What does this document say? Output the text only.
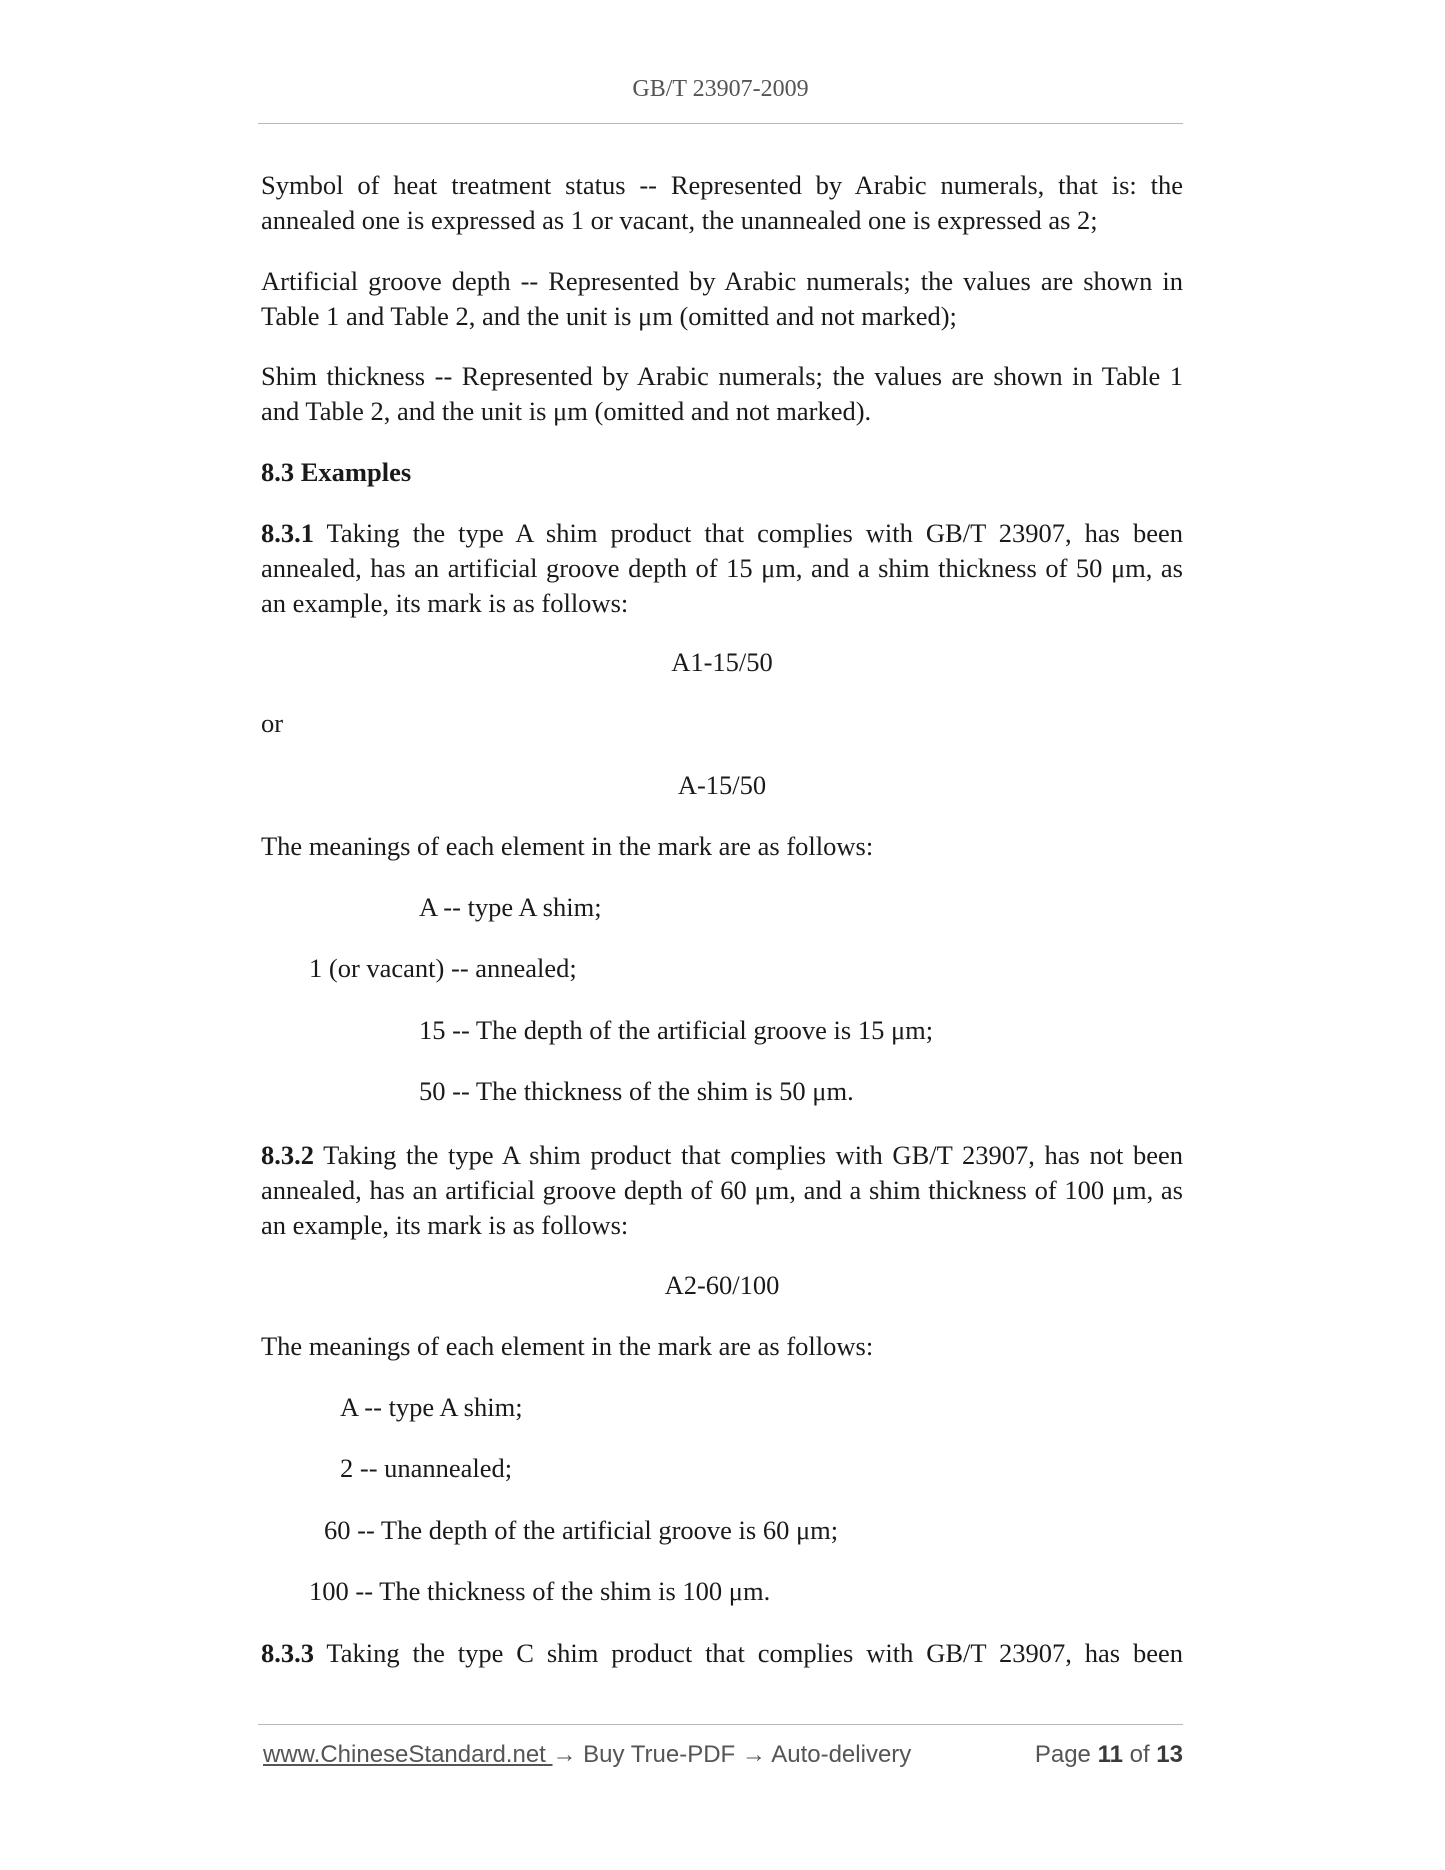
GB/T 23907-2009

Symbol of heat treatment status -- Represented by Arabic numerals, that is: the annealed one is expressed as 1 or vacant, the unannealed one is expressed as 2;

Artificial groove depth -- Represented by Arabic numerals; the values are shown in Table 1 and Table 2, and the unit is μm (omitted and not marked);

Shim thickness -- Represented by Arabic numerals; the values are shown in Table 1 and Table 2, and the unit is μm (omitted and not marked).

8.3 Examples

8.3.1 Taking the type A shim product that complies with GB/T 23907, has been annealed, has an artificial groove depth of 15 μm, and a shim thickness of 50 μm, as an example, its mark is as follows:

A1-15/50

or

A-15/50

The meanings of each element in the mark are as follows:

A -- type A shim;

1 (or vacant) -- annealed;

15 -- The depth of the artificial groove is 15 μm;

50 -- The thickness of the shim is 50 μm.

8.3.2 Taking the type A shim product that complies with GB/T 23907, has not been annealed, has an artificial groove depth of 60 μm, and a shim thickness of 100 μm, as an example, its mark is as follows:

A2-60/100

The meanings of each element in the mark are as follows:

A -- type A shim;

2 -- unannealed;

60 -- The depth of the artificial groove is 60 μm;

100 -- The thickness of the shim is 100 μm.

8.3.3 Taking the type C shim product that complies with GB/T 23907, has been

www.ChineseStandard.net → Buy True-PDF → Auto-delivery	Page 11 of 13
